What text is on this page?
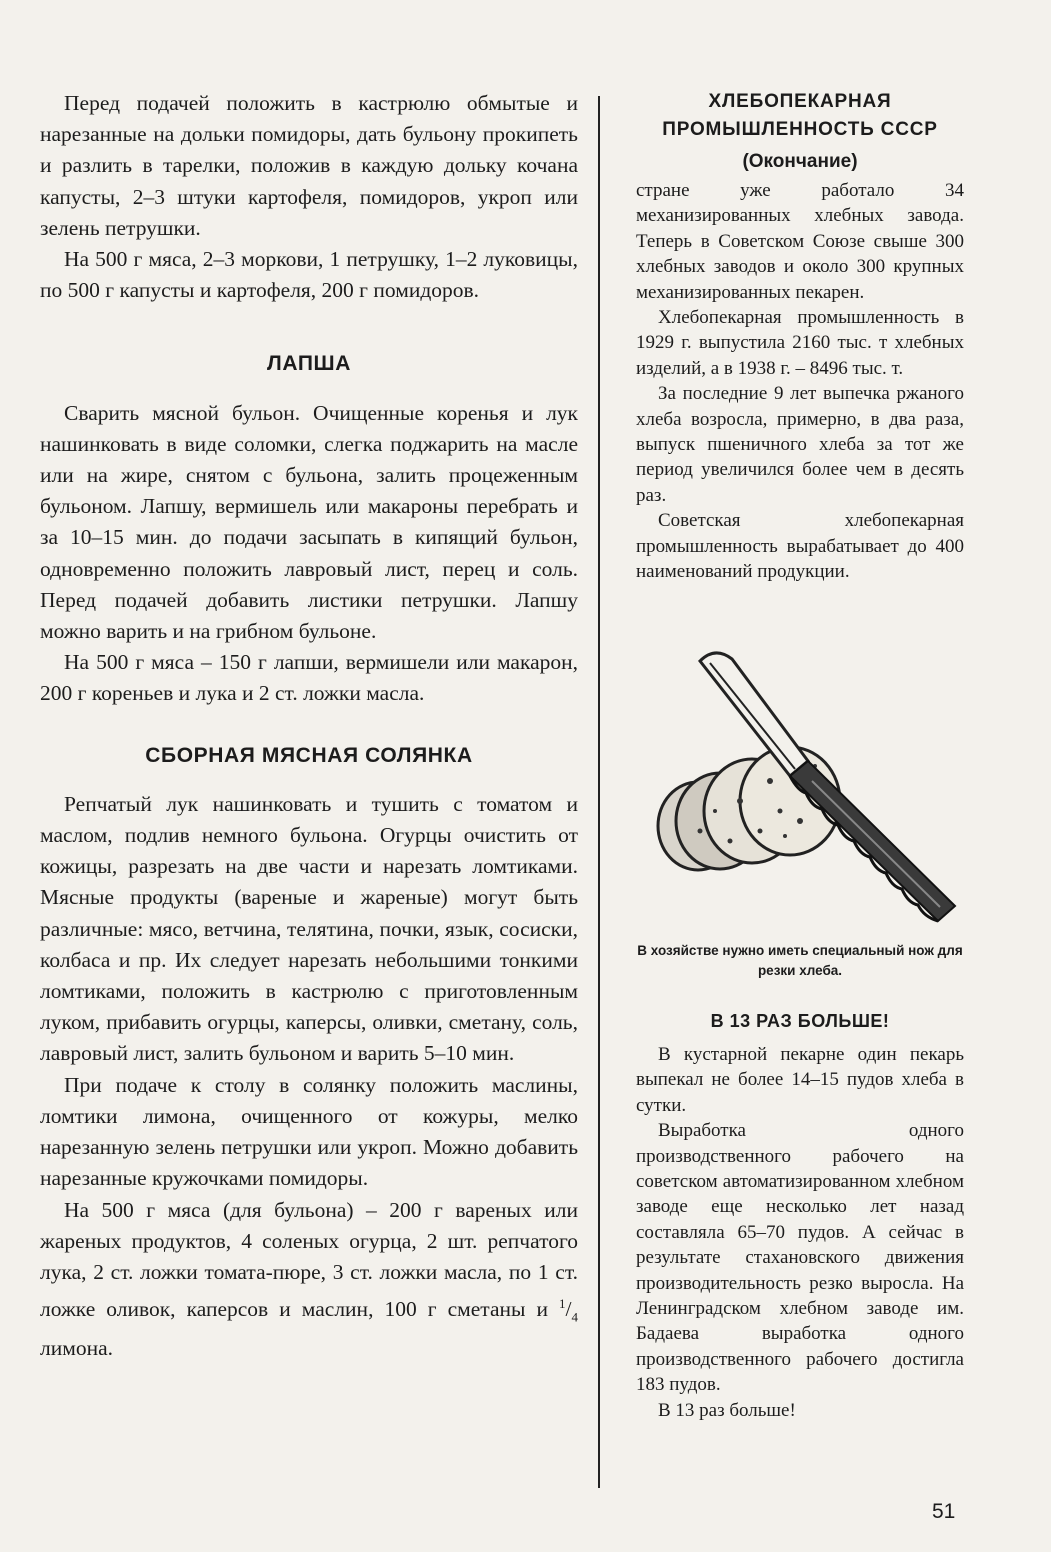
Перед подачей положить в кастрюлю обмытые и нарезанные на дольки помидоры, дать бульону прокипеть и разлить в тарелки, положив в каждую дольку кочана капусты, 2–3 штуки картофеля, помидоров, укроп или зелень петрушки.

На 500 г мяса, 2–3 моркови, 1 петрушку, 1–2 луковицы, по 500 г капусты и картофеля, 200 г помидоров.

ЛАПША

Сварить мясной бульон. Очищенные коренья и лук нашинковать в виде соломки, слегка поджарить на масле или на жире, снятом с бульона, залить процеженным бульоном. Лапшу, вермишель или макароны перебрать и за 10–15 мин. до подачи засыпать в кипящий бульон, одновременно положить лавровый лист, перец и соль. Перед подачей добавить листики петрушки. Лапшу можно варить и на грибном бульоне.

На 500 г мяса – 150 г лапши, вермишели или макарон, 200 г кореньев и лука и 2 ст. ложки масла.

СБОРНАЯ МЯСНАЯ СОЛЯНКА

Репчатый лук нашинковать и тушить с томатом и маслом, подлив немного бульона. Огурцы очистить от кожицы, разрезать на две части и нарезать ломтиками. Мясные продукты (вареные и жареные) могут быть различные: мясо, ветчина, телятина, почки, язык, сосиски, колбаса и пр. Их следует нарезать небольшими тонкими ломтиками, положить в кастрюлю с приготовленным луком, прибавить огурцы, каперсы, оливки, сметану, соль, лавровый лист, залить бульоном и варить 5–10 мин.

При подаче к столу в солянку положить маслины, ломтики лимона, очищенного от кожуры, мелко нарезанную зелень петрушки или укроп. Можно добавить нарезанные кружочками помидоры.

На 500 г мяса (для бульона) – 200 г вареных или жареных продуктов, 4 соленых огурца, 2 шт. репчатого лука, 2 ст. ложки томата-пюре, 3 ст. ложки масла, по 1 ст. ложке оливок, каперсов и маслин, 100 г сметаны и $^1/_4$ лимона.

ХЛЕБОПЕКАРНАЯ
ПРОМЫШЛЕННОСТЬ СССР
(Окончание)

стране уже работало 34 механизированных хлебных завода. Теперь в Советском Союзе свыше 300 хлебных заводов и около 300 крупных механизированных пекарен.

Хлебопекарная промышленность в 1929 г. выпустила 2160 тыс. т хлебных изделий, а в 1938 г. – 8496 тыс. т.

За последние 9 лет выпечка ржаного хлеба возросла, примерно, в два раза, выпуск пшеничного хлеба за тот же период увеличился более чем в десять раз.

Советская хлебопекарная промышленность вырабатывает до 400 наименований продукции.

В хозяйстве нужно иметь специальный нож для резки хлеба.
В 13 РАЗ БОЛЬШЕ!

В кустарной пекарне один пекарь выпекал не более 14–15 пудов хлеба в сутки.

Выработка одного производственного рабочего на советском автоматизированном хлебном заводе еще несколько лет назад составляла 65–70 пудов. А сейчас в результате стахановского движения производительность резко выросла. На Ленинградском хлебном заводе им. Бадаева выработка одного производственного рабочего достигла 183 пудов.

В 13 раз больше!

51
